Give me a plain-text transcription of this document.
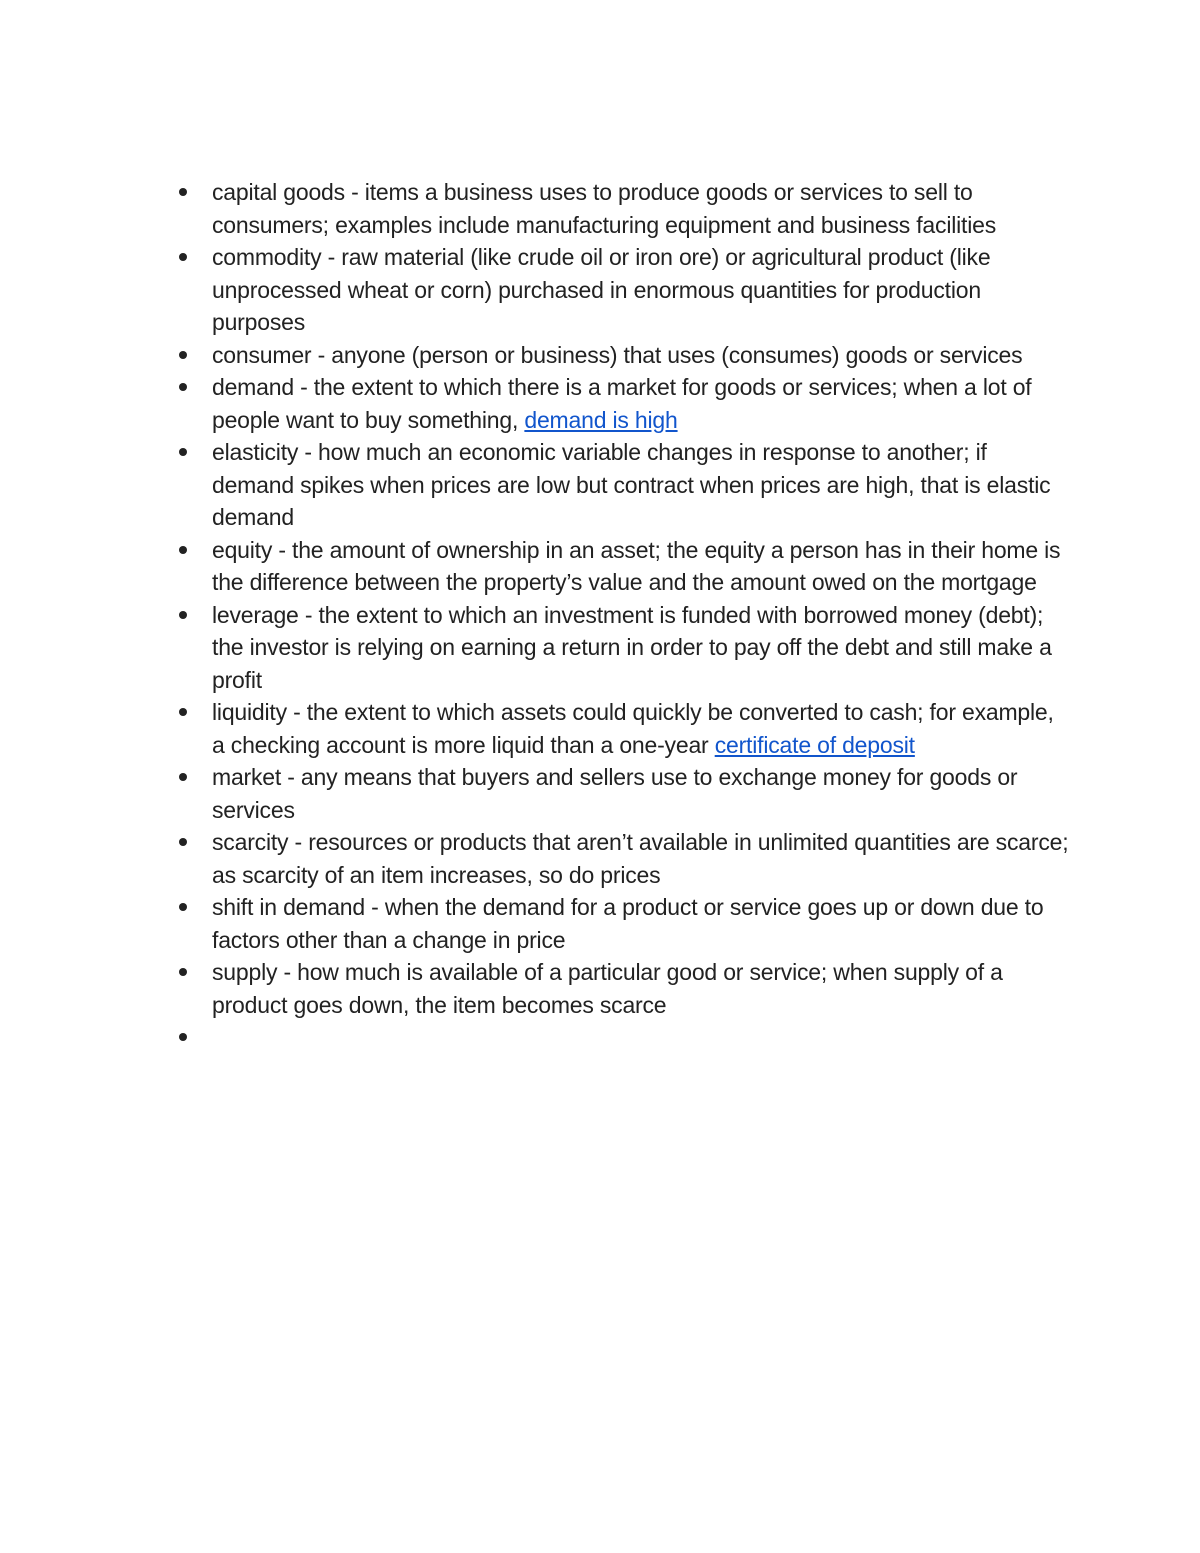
capital goods - items a business uses to produce goods or services to sell to consumers; examples include manufacturing equipment and business facilities
commodity - raw material (like crude oil or iron ore) or agricultural product (like unprocessed wheat or corn) purchased in enormous quantities for production purposes
consumer - anyone (person or business) that uses (consumes) goods or services
demand - the extent to which there is a market for goods or services; when a lot of people want to buy something, demand is high
elasticity - how much an economic variable changes in response to another; if demand spikes when prices are low but contract when prices are high, that is elastic demand
equity - the amount of ownership in an asset; the equity a person has in their home is the difference between the property’s value and the amount owed on the mortgage
leverage - the extent to which an investment is funded with borrowed money (debt); the investor is relying on earning a return in order to pay off the debt and still make a profit
liquidity - the extent to which assets could quickly be converted to cash; for example, a checking account is more liquid than a one-year certificate of deposit
market - any means that buyers and sellers use to exchange money for goods or services
scarcity - resources or products that aren’t available in unlimited quantities are scarce; as scarcity of an item increases, so do prices
shift in demand - when the demand for a product or service goes up or down due to factors other than a change in price
supply - how much is available of a particular good or service; when supply of a product goes down, the item becomes scarce
